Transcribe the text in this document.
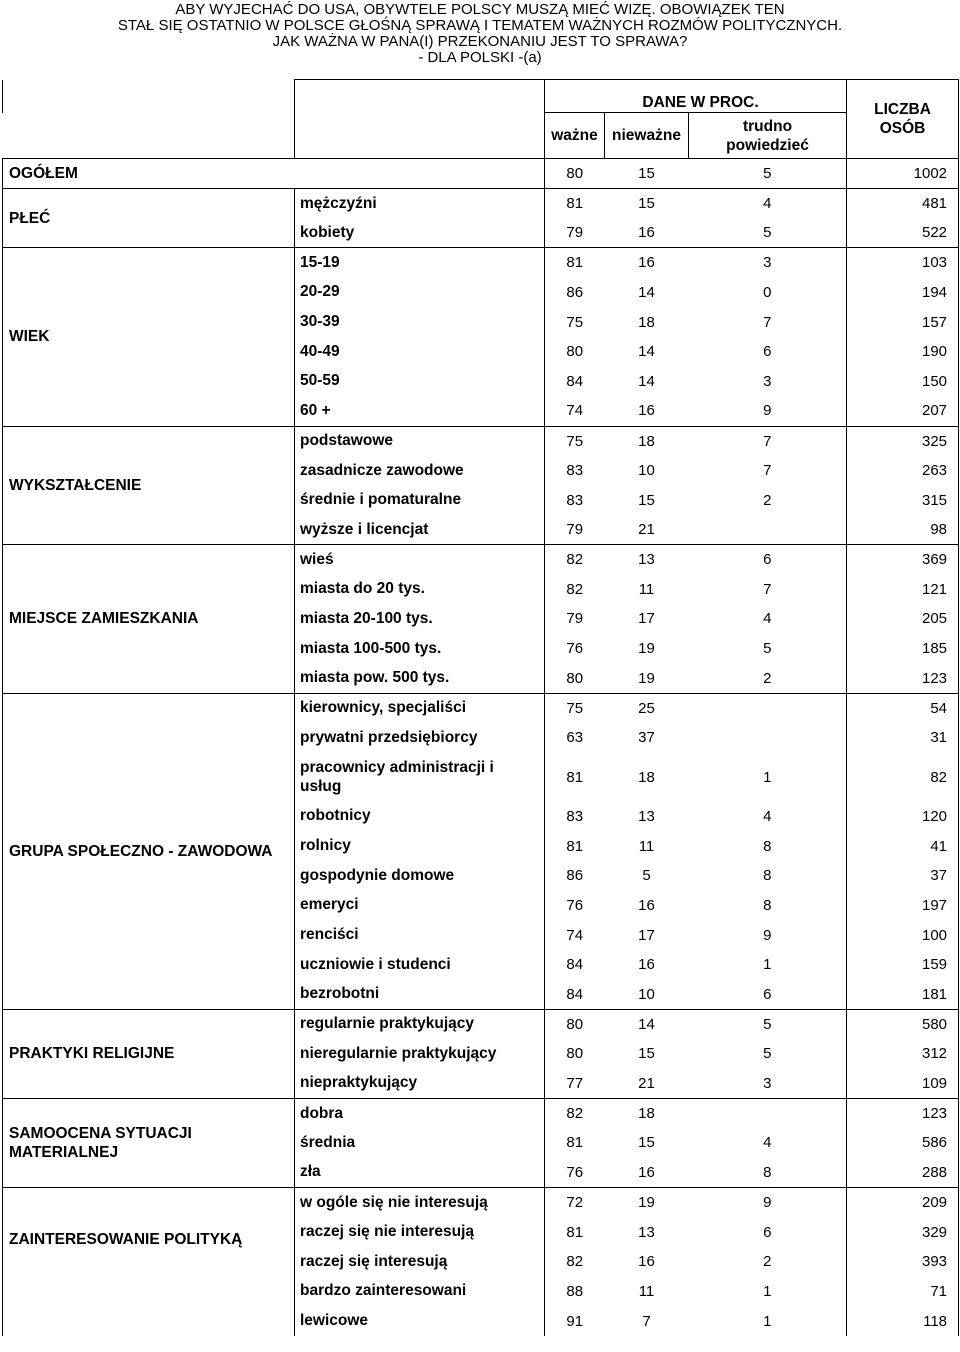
ABY WYJECHAĆ DO USA, OBYWTELE POLSCY MUSZĄ MIEĆ WIZĘ. OBOWIĄZEK TEN
STAŁ SIĘ OSTATNIO W POLSCE GŁOŚNĄ SPRAWĄ I TEMATEM WAŻNYCH ROZMÓW POLITYCZNYCH.
JAK WAŻNA W PANA(I) PRZEKONANIU JEST TO SPRAWA?
- DLA POLSKI -(a)
		DANE W PROC.			LICZBA
OSÓB

		ważne	nieważne	trudno
powiedzieć	

OGÓŁEM		80	15	5	1002
PŁEĆ	mężczyźni	81	15	4	481
	kobiety	79	16	5	522
WIEK	15-19	81	16	3	103
	20-29	86	14	0	194
	30-39	75	18	7	157
	40-49	80	14	6	190
	50-59	84	14	3	150
	60 +	74	16	9	207
WYKSZTAŁCENIE	podstawowe	75	18	7	325
	zasadnicze zawodowe	83	10	7	263
	średnie i pomaturalne	83	15	2	315
	wyższe i licencjat	79	21		98
MIEJSCE ZAMIESZKANIA	wieś	82	13	6	369
	miasta do 20 tys.	82	11	7	121
	miasta 20-100 tys.	79	17	4	205
	miasta 100-500 tys.	76	19	5	185
	miasta pow. 500 tys.	80	19	2	123
GRUPA SPOŁECZNO - ZAWODOWA	kierownicy, specjaliści	75	25		54
	prywatni przedsiębiorcy	63	37		31
	pracownicy administracji i usług	81	18	1	82
	robotnicy	83	13	4	120
	rolnicy	81	11	8	41
	gospodynie domowe	86	5	8	37
	emeryci	76	16	8	197
	renciści	74	17	9	100
	uczniowie i studenci	84	16	1	159
	bezrobotni	84	10	6	181
PRAKTYKI RELIGIJNE	regularnie praktykujący	80	14	5	580
	nieregularnie praktykujący	80	15	5	312
	niepraktykujący	77	21	3	109
SAMOOCENA SYTUACJI MATERIALNEJ	dobra	82	18		123
	średnia	81	15	4	586
	zła	76	16	8	288
ZAINTERESOWANIE POLITYKĄ	w ogóle się nie interesują	72	19	9	209
	raczej się nie interesują	81	13	6	329
	raczej się interesują	82	16	2	393
	bardzo zainteresowani	88	11	1	71
	lewicowe	91	7	1	118
